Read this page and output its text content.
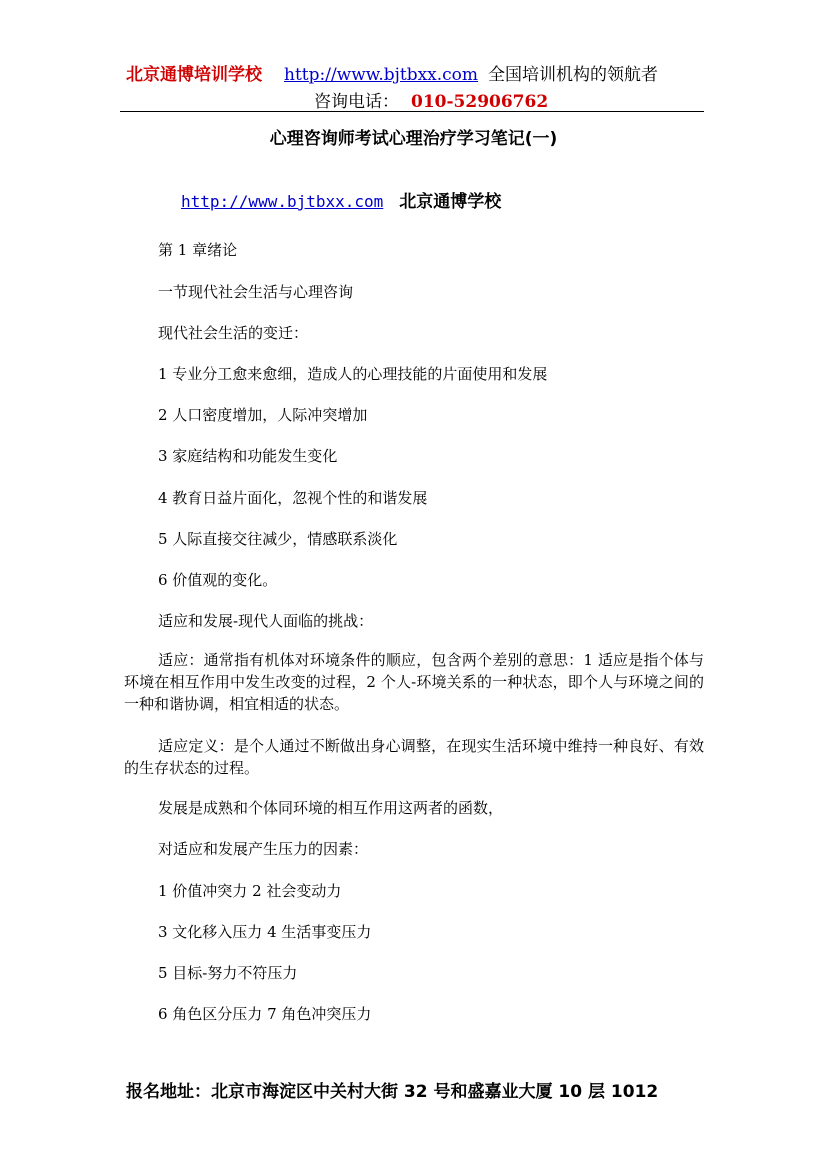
北京通博培训学校 http://www.bjtbxx.com 全国培训机构的领航者
咨询电话： 010-52906762
心理咨询师考试心理治疗学习笔记(一)
http://www.bjtbxx.com 北京通博学校
第 1 章绪论
一节现代社会生活与心理咨询
现代社会生活的变迁：
1 专业分工愈来愈细，造成人的心理技能的片面使用和发展
2 人口密度增加，人际冲突增加
3 家庭结构和功能发生变化
4 教育日益片面化，忽视个性的和谐发展
5 人际直接交往减少，情感联系淡化
6 价值观的变化。
适应和发展-现代人面临的挑战：
适应：通常指有机体对环境条件的顺应，包含两个差别的意思：1 适应是指个体与环境在相互作用中发生改变的过程，2 个人-环境关系的一种状态，即个人与环境之间的一种和谐协调，相宜相适的状态。
适应定义：是个人通过不断做出身心调整，在现实生活环境中维持一种良好、有效的生存状态的过程。
发展是成熟和个体同环境的相互作用这两者的函数，
对适应和发展产生压力的因素：
1 价值冲突力 2 社会变动力
3 文化移入压力 4 生活事变压力
5 目标-努力不符压力
6 角色区分压力 7 角色冲突压力
报名地址：北京市海淀区中关村大街 32 号和盛嘉业大厦 10 层 1012
